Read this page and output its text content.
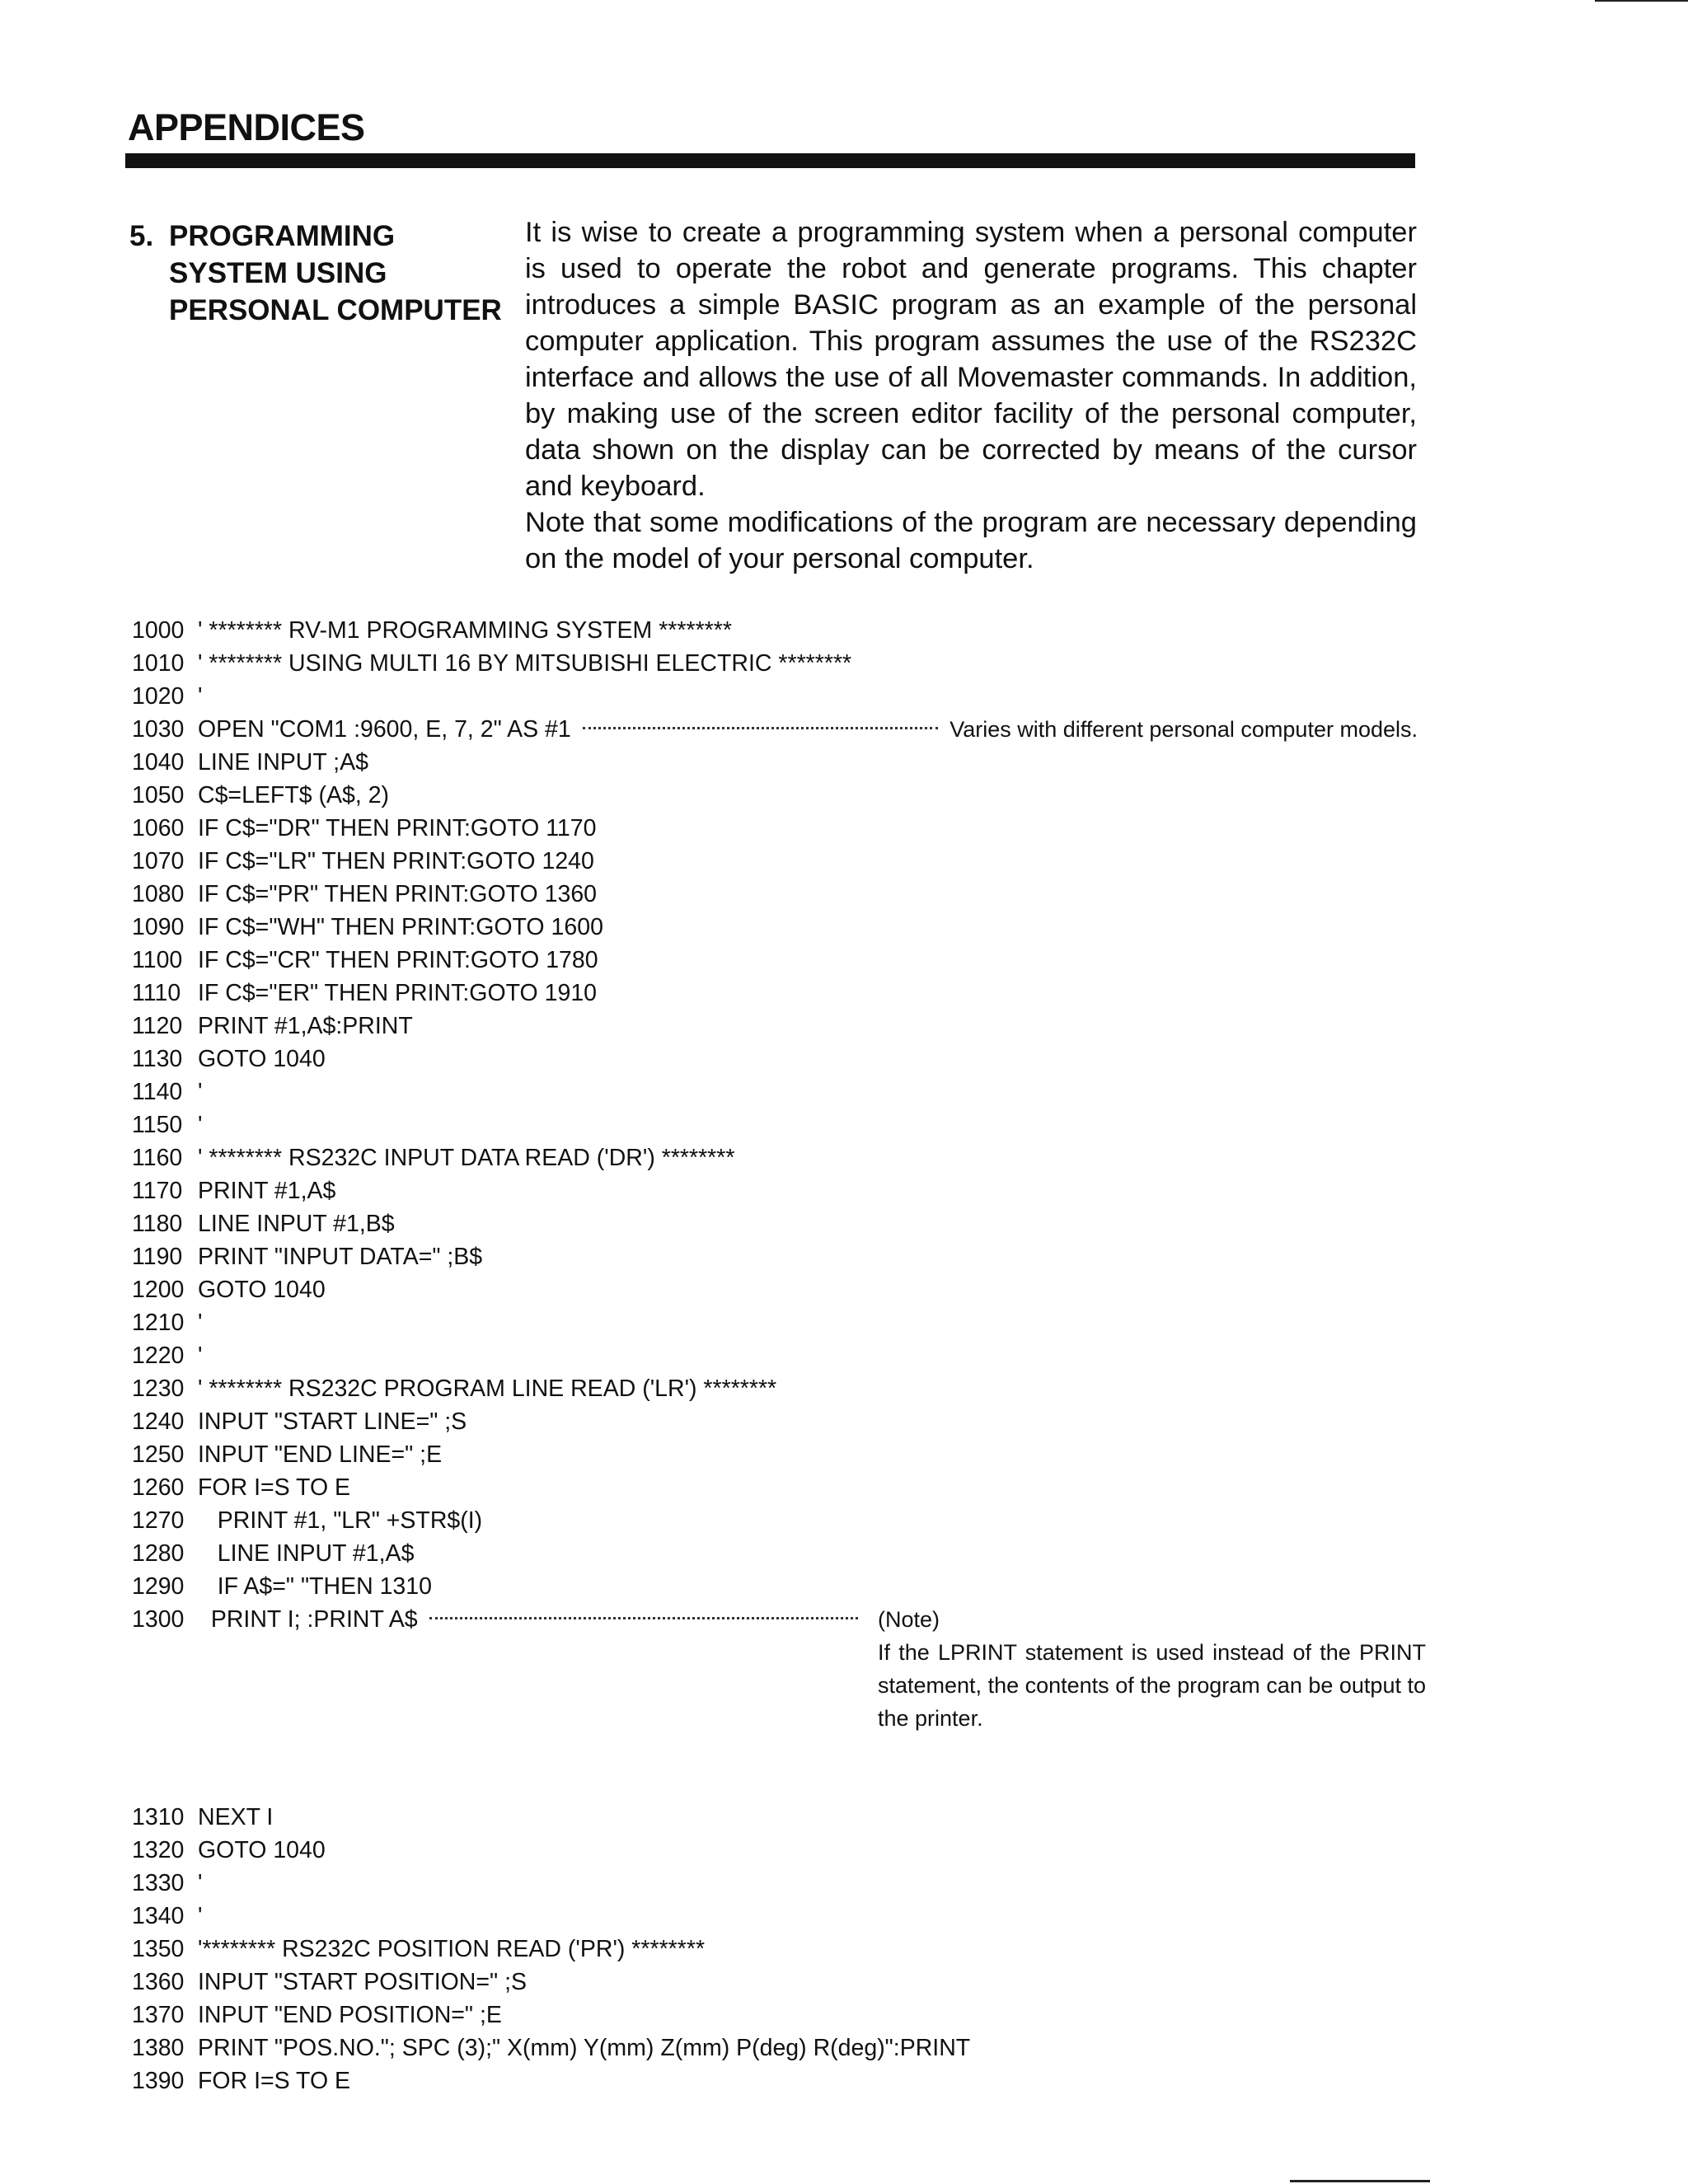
APPENDICES
5. PROGRAMMING
SYSTEM USING
PERSONAL COMPUTER

It is wise to create a programming system when a personal computer is used to operate the robot and generate programs. This chapter introduces a simple BASIC program as an example of the personal computer application. This program assumes the use of the RS232C interface and allows the use of all Movemaster commands. In addition, by making use of the screen editor facility of the personal computer, data shown on the display can be corrected by means of the cursor and keyboard.

Note that some modifications of the program are necessary depending on the model of your personal computer.

1000 ' ******** RV-M1 PROGRAMMING SYSTEM ********
1010 ' ******** USING MULTI 16 BY MITSUBISHI ELECTRIC ********
1020 '
1030 OPEN "COM1 :9600, E, 7, 2" AS #1	Varies with different personal computer models.
1040 LINE INPUT ;A$
1050 C$=LEFT$ (A$, 2)
1060 IF C$="DR" THEN PRINT:GOTO 1170
1070 IF C$="LR" THEN PRINT:GOTO 1240
1080 IF C$="PR" THEN PRINT:GOTO 1360
1090 IF C$="WH" THEN PRINT:GOTO 1600
1100 IF C$="CR" THEN PRINT:GOTO 1780
1110 IF C$="ER" THEN PRINT:GOTO 1910
1120 PRINT #1,A$:PRINT
1130 GOTO 1040
1140 '
1150 '
1160 ' ******** RS232C INPUT DATA READ ('DR') ********
1170 PRINT #1,A$
1180 LINE INPUT #1,B$
1190 PRINT "INPUT DATA=" ;B$
1200 GOTO 1040
1210 '
1220 '
1230 ' ******** RS232C PROGRAM LINE READ ('LR') ********
1240 INPUT "START LINE=" ;S
1250 INPUT "END LINE=" ;E
1260 FOR I=S TO E
1270 PRINT #1, "LR" +STR$(I)
1280 LINE INPUT #1,A$
1290 IF A$=" "THEN 1310
1300 PRINT I; :PRINT A$
1310 NEXT I
1320 GOTO 1040
1330 '
1340 '
1350 '******** RS232C POSITION READ ('PR') ********
1360 INPUT "START POSITION=" ;S
1370 INPUT "END POSITION=" ;E
1380 PRINT "POS.NO."; SPC (3);" X(mm) Y(mm) Z(mm) P(deg) R(deg)":PRINT
1390 FOR I=S TO E
(Note)
If the LPRINT statement is used instead of the PRINT statement, the contents of the program can be output to the printer.
